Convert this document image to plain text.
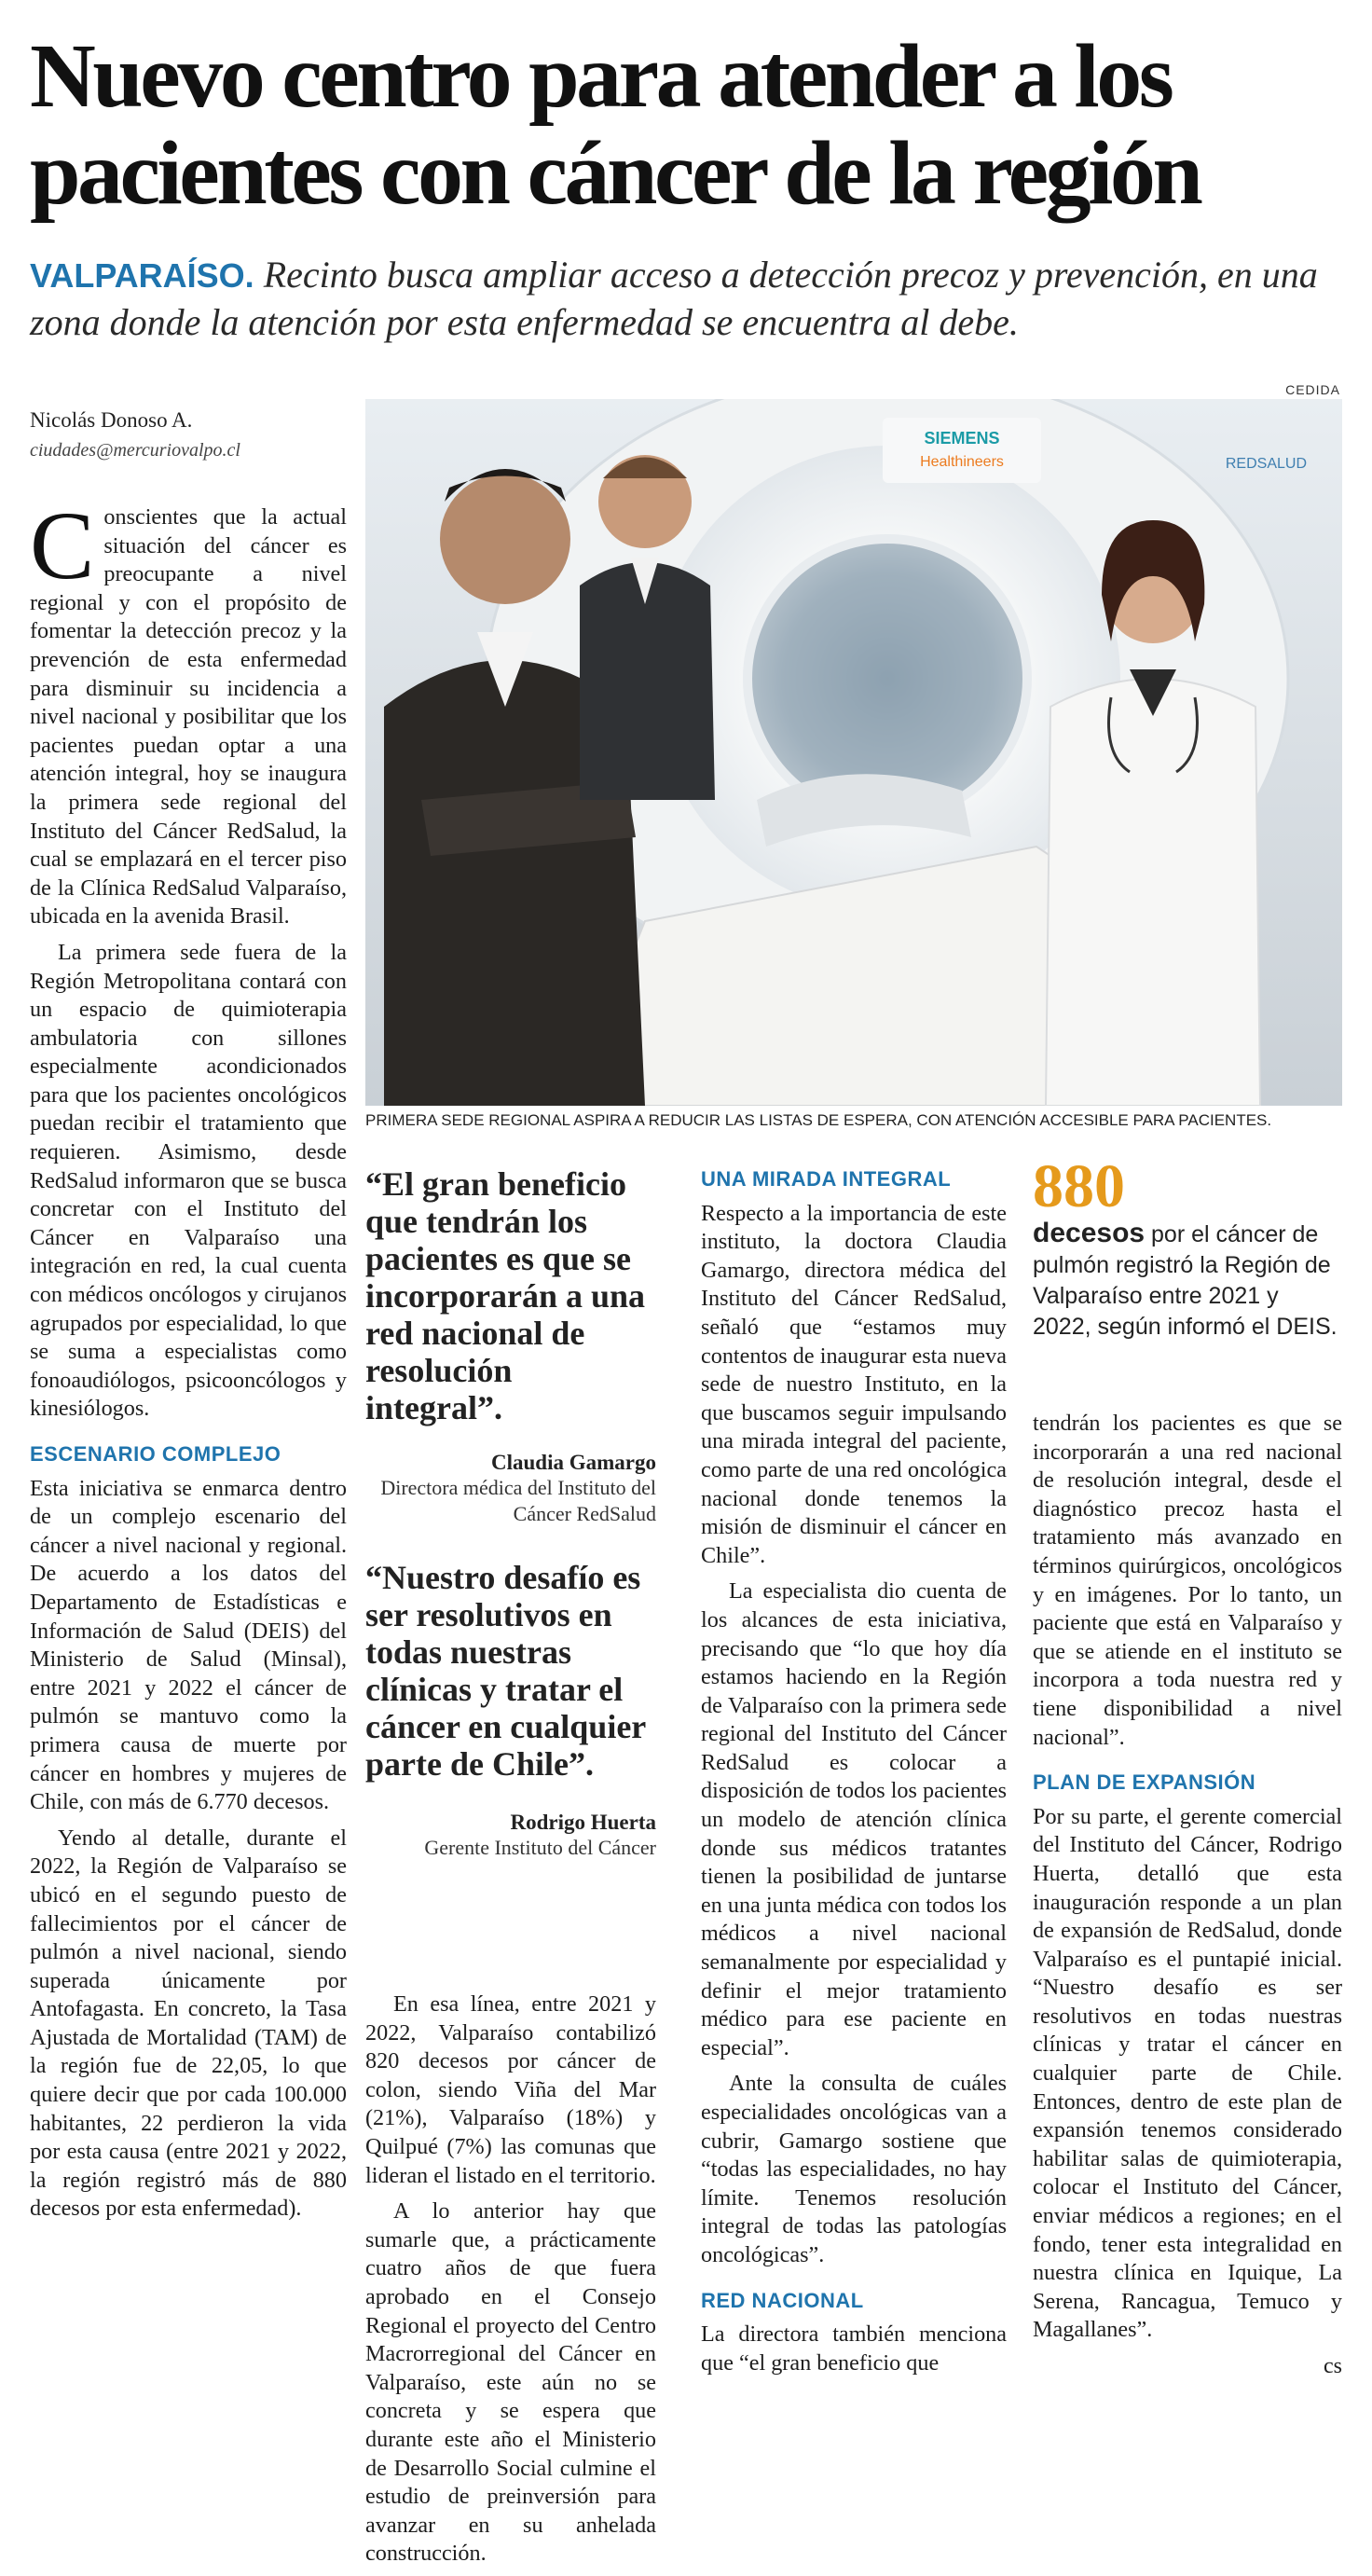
Nuevo centro para atender a los
pacientes con cáncer de la región
VALPARAÍSO. Recinto busca ampliar acceso a detección precoz y prevención, en una zona donde la atención por esta enfermedad se encuentra al debe.
Nicolás Donoso A.
ciudades@mercuriovalpo.cl
CEDIDA
SIEMENS
Healthineers	REDSALUD
PRIMERA SEDE REGIONAL ASPIRA A REDUCIR LAS LISTAS DE ESPERA, CON ATENCIÓN ACCESIBLE PARA PACIENTES.

Conscientes que la actual situación del cáncer es preocupante a nivel regional y con el propósito de fomentar la detección precoz y la prevención de esta enfermedad para disminuir su incidencia a nivel nacional y posibilitar que los pacientes puedan optar a una atención integral, hoy se inaugura la primera sede regional del Instituto del Cáncer RedSalud, la cual se emplazará en el tercer piso de la Clínica RedSalud Valparaíso, ubicada en la avenida Brasil.

La primera sede fuera de la Región Metropolitana contará con un espacio de quimioterapia ambulatoria con sillones especialmente acondicionados para que los pacientes oncológicos puedan recibir el tratamiento que requieren. Asimismo, desde RedSalud informaron que se busca concretar con el Instituto del Cáncer en Valparaíso una integración en red, la cual cuenta con médicos oncólogos y cirujanos agrupados por especialidad, lo que se suma a especialistas como fonoaudiólogos, psicooncólogos y kinesiólogos.

ESCENARIO COMPLEJO

Esta iniciativa se enmarca dentro de un complejo escenario del cáncer a nivel nacional y regional. De acuerdo a los datos del Departamento de Estadísticas e Información de Salud (DEIS) del Ministerio de Salud (Minsal), entre 2021 y 2022 el cáncer de pulmón se mantuvo como la primera causa de muerte por cáncer en hombres y mujeres de Chile, con más de 6.770 decesos.

Yendo al detalle, durante el 2022, la Región de Valparaíso se ubicó en el segundo puesto de fallecimientos por el cáncer de pulmón a nivel nacional, siendo superada únicamente por Antofagasta. En concreto, la Tasa Ajustada de Mortalidad (TAM) de la región fue de 22,05, lo que quiere decir que por cada 100.000 habitantes, 22 perdieron la vida por esta causa (entre 2021 y 2022, la región registró más de 880 decesos por esta enfermedad).

“El gran beneficio que tendrán los pacientes es que se incorporarán a una red nacional de resolución integral”.
Claudia Gamargo
Directora médica del Instituto del Cáncer RedSalud
“Nuestro desafío es ser resolutivos en todas nuestras clínicas y tratar el cáncer en cualquier parte de Chile”.
Rodrigo Huerta
Gerente Instituto del Cáncer

En esa línea, entre 2021 y 2022, Valparaíso contabilizó 820 decesos por cáncer de colon, siendo Viña del Mar (21%), Valparaíso (18%) y Quilpué (7%) las comunas que lideran el listado en el territorio.

A lo anterior hay que sumarle que, a prácticamente cuatro años de que fuera aprobado en el Consejo Regional el proyecto del Centro Macrorregional del Cáncer en Valparaíso, este aún no se concreta y se espera que durante este año el Ministerio de Desarrollo Social culmine el estudio de preinversión para avanzar en su anhelada construcción.

UNA MIRADA INTEGRAL

Respecto a la importancia de este instituto, la doctora Claudia Gamargo, directora médica del Instituto del Cáncer RedSalud, señaló que “estamos muy contentos de inaugurar esta nueva sede de nuestro Instituto, en la que buscamos seguir impulsando una mirada integral del paciente, como parte de una red oncológica nacional donde tenemos la misión de disminuir el cáncer en Chile”.

La especialista dio cuenta de los alcances de esta iniciativa, precisando que “lo que hoy día estamos haciendo en la Región de Valparaíso con la primera sede regional del Instituto del Cáncer RedSalud es colocar a disposición de todos los pacientes un modelo de atención clínica donde sus médicos tratantes tienen la posibilidad de juntarse en una junta médica con todos los médicos a nivel nacional semanalmente por especialidad y definir el mejor tratamiento médico para ese paciente en especial”.

Ante la consulta de cuáles especialidades oncológicas van a cubrir, Gamargo sostiene que “todas las especialidades, no hay límite. Tenemos resolución integral de todas las patologías oncológicas”.

RED NACIONAL

La directora también menciona que “el gran beneficio que

880
decesos por el cáncer de pulmón registró la Región de Valparaíso entre 2021 y 2022, según informó el DEIS.

tendrán los pacientes es que se incorporarán a una red nacional de resolución integral, desde el diagnóstico precoz hasta el tratamiento más avanzado en términos quirúrgicos, oncológicos y en imágenes. Por lo tanto, un paciente que está en Valparaíso y que se atiende en el instituto se incorpora a toda nuestra red y tiene disponibilidad a nivel nacional”.

PLAN DE EXPANSIÓN

Por su parte, el gerente comercial del Instituto del Cáncer, Rodrigo Huerta, detalló que esta inauguración responde a un plan de expansión de RedSalud, donde Valparaíso es el puntapié inicial. “Nuestro desafío es ser resolutivos en todas nuestras clínicas y tratar el cáncer en cualquier parte de Chile. Entonces, dentro de este plan de expansión tenemos considerado habilitar salas de quimioterapia, colocar el Instituto del Cáncer, enviar médicos a regiones; en el fondo, tener esta integralidad en nuestra clínica en Iquique, La Serena, Rancagua, Temuco y Magallanes”.

cs
